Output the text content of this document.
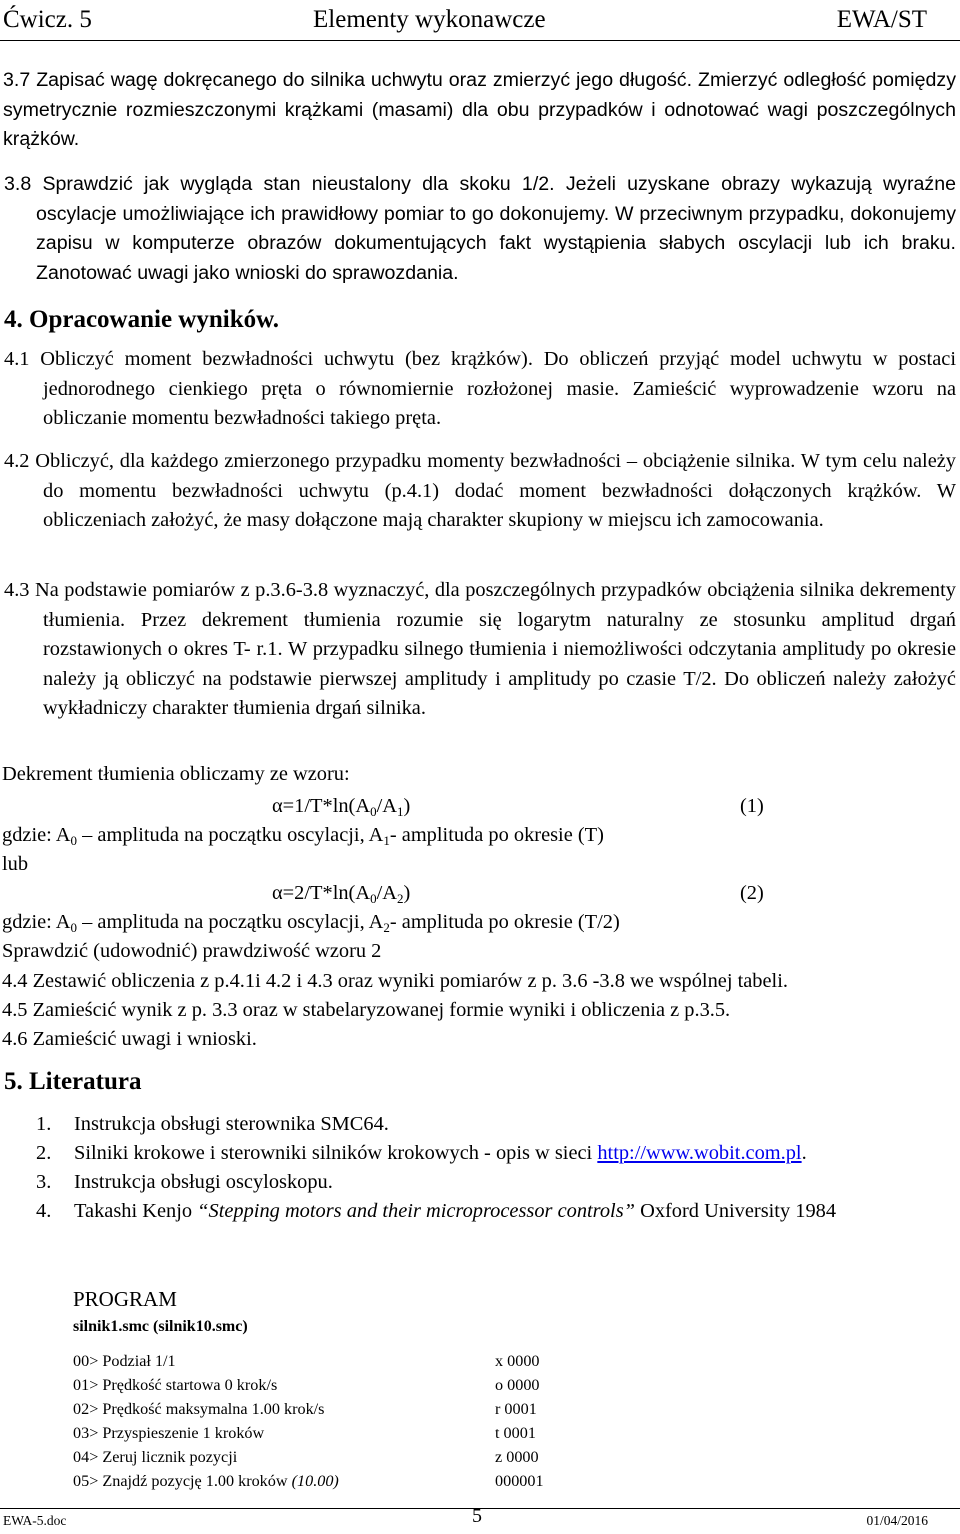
Ćwicz. 5	Elementy wykonawcze	EWA/ST
3.7 Zapisać wagę dokręcanego do silnika uchwytu oraz zmierzyć jego długość. Zmierzyć odległość pomiędzy symetrycznie rozmieszczonymi krążkami (masami) dla obu przypadków i odnotować wagi poszczególnych krążków.
3.8 Sprawdzić jak wygląda stan nieustalony dla skoku 1/2. Jeżeli uzyskane obrazy wykazują wyraźne oscylacje umożliwiające ich prawidłowy pomiar to go dokonujemy. W przeciwnym przypadku, dokonujemy zapisu w komputerze obrazów dokumentujących fakt wystąpienia słabych oscylacji lub ich braku. Zanotować uwagi jako wnioski do sprawozdania.
4. Opracowanie wyników.
4.1 Obliczyć moment bezwładności uchwytu (bez krążków). Do obliczeń przyjąć model uchwytu w postaci jednorodnego cienkiego pręta o równomiernie rozłożonej masie. Zamieścić wyprowadzenie wzoru na obliczanie momentu bezwładności takiego pręta.
4.2 Obliczyć, dla każdego zmierzonego przypadku momenty bezwładności – obciążenie silnika. W tym celu należy do momentu bezwładności uchwytu (p.4.1) dodać moment bezwładności dołączonych krążków. W obliczeniach założyć, że masy dołączone mają charakter skupiony w miejscu ich zamocowania.
4.3 Na podstawie pomiarów z p.3.6-3.8 wyznaczyć, dla poszczególnych przypadków obciążenia silnika dekrementy tłumienia. Przez dekrement tłumienia rozumie się logarytm naturalny ze stosunku amplitud drgań rozstawionych o okres T- r.1. W przypadku silnego tłumienia i niemożliwości odczytania amplitudy po okresie należy ją obliczyć na podstawie pierwszej amplitudy i amplitudy po czasie T/2. Do obliczeń należy założyć wykładniczy charakter tłumienia drgań silnika.
Dekrement tłumienia obliczamy ze wzoru:
$\alpha=1/T*\ln(A_0/A_1)$	(1)
gdzie: $A_0$ – amplituda na początku oscylacji, $A_1-$ amplituda po okresie (T)
lub
$\alpha=2/T*\ln(A_0/A_2)$	(2)
gdzie: $A_0$ – amplituda na początku oscylacji, $A_2-$ amplituda po okresie (T/2)
Sprawdzić (udowodnić) prawdziwość wzoru 2
4.4 Zestawić obliczenia z p.4.1i 4.2 i 4.3 oraz wyniki pomiarów z p. 3.6 -3.8 we wspólnej tabeli.
4.5 Zamieścić wynik z p. 3.3 oraz w stabelaryzowanej formie wyniki i obliczenia z p.3.5.
4.6 Zamieścić uwagi i wnioski.
5. Literatura
1. Instrukcja obsługi sterownika SMC64.
2. Silniki krokowe i sterowniki silników krokowych - opis w sieci http://www.wobit.com.pl.
3. Instrukcja obsługi oscyloskopu.
4. Takashi Kenjo “Stepping motors and their microprocessor controls” Oxford University 1984
PROGRAM
silnik1.smc (silnik10.smc)
00> Podział 1/1	x 0000
01> Prędkość startowa 0 krok/s	o 0000
02> Prędkość maksymalna 1.00 krok/s	r 0001
03> Przyspieszenie 1 kroków	t 0001
04> Zeruj licznik pozycji	z 0000
05> Znajdź pozycję 1.00 kroków (10.00)	000001
EWA-5.doc	5	01/04/2016
